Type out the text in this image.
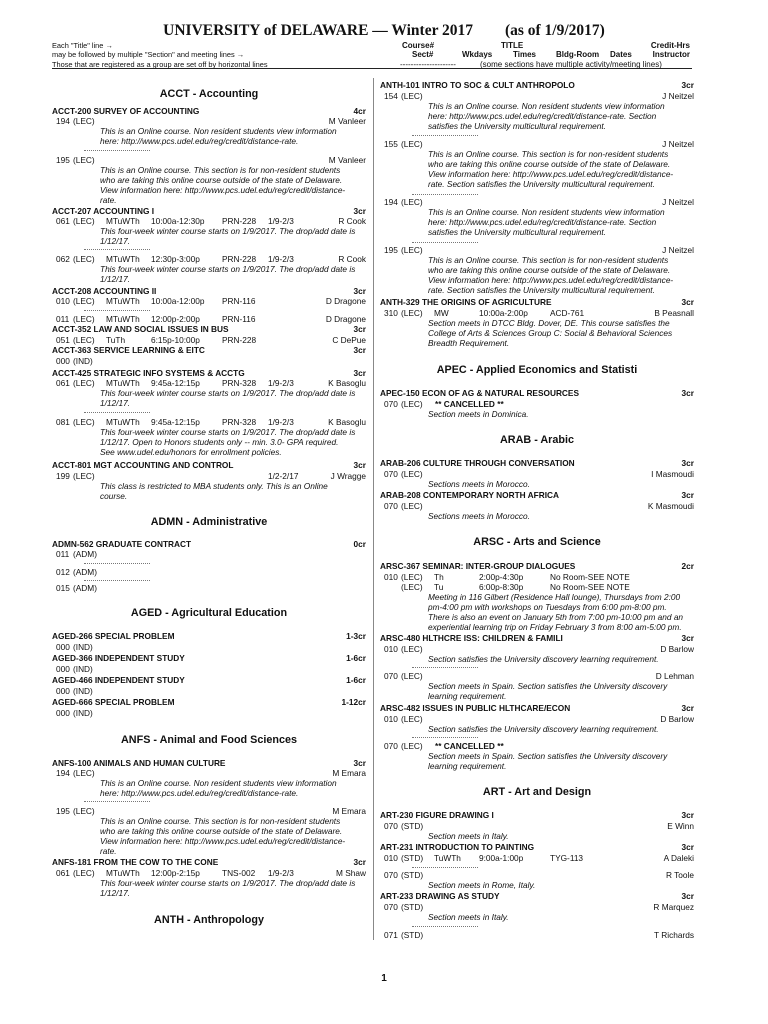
UNIVERSITY of DELAWARE — Winter 2017 (as of 1/9/2017)
Each "Title" line →
may be followed by multiple "Section" and meeting lines →
Those that are registered as a group are set off by horizontal lines
Course#	TITLE	Credit-Hrs
Sect#	Wkdays	Times	Bldg-Room Dates	Instructor
---------------------	(some sections have multiple activity/meeting lines)
ACCT - Accounting
ACCT-200 SURVEY OF ACCOUNTING	4cr
194 (LEC)	M Vanleer
This is an Online course. Non resident students view information
here: http://www.pcs.udel.edu/reg/credit/distance-rate.
195 (LEC)	M Vanleer
This is an Online course. This section is for non-resident students
who are taking this online course outside of the state of Delaware.
View information here: http://www.pcs.udel.edu/reg/credit/distance-
rate.
ACCT-207 ACCOUNTING I	3cr
061 (LEC) MTuWTh 10:00a-12:30p PRN-228 1/9-2/3	R Cook
This four-week winter course starts on 1/9/2017. The drop/add date is
1/12/17.
062 (LEC) MTuWTh 12:30p-3:00p	PRN-228 1/9-2/3	R Cook
This four-week winter course starts on 1/9/2017. The drop/add date is
1/12/17.
ACCT-208 ACCOUNTING II	3cr
010 (LEC) MTuWTh 10:00a-12:00p PRN-116	D Dragone
011 (LEC) MTuWTh 12:00p-2:00p	PRN-116	D Dragone
ACCT-352 LAW AND SOCIAL ISSUES IN BUS	3cr
051 (LEC) TuTh	6:15p-10:00p	PRN-228	C DePue
ACCT-363 SERVICE LEARNING & EITC	3cr
000 (IND)
ACCT-425 STRATEGIC INFO SYSTEMS & ACCTG	3cr
061 (LEC) MTuWTh 9:45a-12:15p	PRN-328 1/9-2/3	K Basoglu
This four-week winter course starts on 1/9/2017. The drop/add date is
1/12/17.
081 (LEC) MTuWTh 9:45a-12:15p	PRN-328 1/9-2/3	K Basoglu
This four-week winter course starts on 1/9/2017. The drop/add date is
1/12/17. Open to Honors students only -- min. 3.0- GPA required.
See www.udel.edu/honors for enrollment policies.
ACCT-801 MGT ACCOUNTING AND CONTROL	3cr
199 (LEC)	1/2-2/17	J Wragge
This class is restricted to MBA students only. This is an Online
course.
ADMN - Administrative
ADMN-562 GRADUATE CONTRACT	0cr
011 (ADM)
012 (ADM)
015 (ADM)
AGED - Agricultural Education
AGED-266 SPECIAL PROBLEM	1-3cr
000 (IND)
AGED-366 INDEPENDENT STUDY	1-6cr
000 (IND)
AGED-466 INDEPENDENT STUDY	1-6cr
000 (IND)
AGED-666 SPECIAL PROBLEM	1-12cr
000 (IND)
ANFS - Animal and Food Sciences
ANFS-100 ANIMALS AND HUMAN CULTURE	3cr
194 (LEC)	M Emara
This is an Online course. Non resident students view information
here: http://www.pcs.udel.edu/reg/credit/distance-rate.
195 (LEC)	M Emara
This is an Online course. This section is for non-resident students
who are taking this online course outside of the state of Delaware.
View information here: http://www.pcs.udel.edu/reg/credit/distance-
rate.
ANFS-181 FROM THE COW TO THE CONE	3cr
061 (LEC) MTuWTh 12:00p-2:15p	TNS-002 1/9-2/3	M Shaw
This four-week winter course starts on 1/9/2017. The drop/add date is
1/12/17.
ANTH - Anthropology
ANTH-101 INTRO TO SOC & CULT ANTHROPOLO	3cr
154 (LEC)	J Neitzel
This is an Online course. Non resident students view information
here: http://www.pcs.udel.edu/reg/credit/distance-rate. Section
satisfies the University multicultural requirement.
155 (LEC)	J Neitzel
This is an Online course. This section is for non-resident students
who are taking this online course outside of the state of Delaware.
View information here: http://www.pcs.udel.edu/reg/credit/distance-
rate. Section satisfies the University multicultural requirement.
194 (LEC)	J Neitzel
This is an Online course. Non resident students view information
here: http://www.pcs.udel.edu/reg/credit/distance-rate. Section
satisfies the University multicultural requirement.
195 (LEC)	J Neitzel
This is an Online course. This section is for non-resident students
who are taking this online course outside of the state of Delaware.
View information here: http://www.pcs.udel.edu/reg/credit/distance-
rate. Section satisfies the University multicultural requirement.
ANTH-329 THE ORIGINS OF AGRICULTURE	3cr
310 (LEC) MW	10:00a-2:00p	ACD-761	B Peasnall
Section meets in DTCC Bldg. Dover, DE. This course satisfies the
College of Arts & Sciences Group C: Social & Behavioral Sciences
Breadth Requirement.
APEC - Applied Economics and Statisti
APEC-150 ECON OF AG & NATURAL RESOURCES	3cr
070 (LEC) ** CANCELLED **
Section meets in Dominica.
ARAB - Arabic
ARAB-206 CULTURE THROUGH CONVERSATION	3cr
070 (LEC)	I Masmoudi
Sections meets in Morocco.
ARAB-208 CONTEMPORARY NORTH AFRICA	3cr
070 (LEC)	K Masmoudi
Sections meets in Morocco.
ARSC - Arts and Science
ARSC-367 SEMINAR: INTER-GROUP DIALOGUES	2cr
010 (LEC) Th	2:00p-4:30p	No Room-SEE NOTE
(LEC) Tu	6:00p-8:30p	No Room-SEE NOTE
Meeting in 116 Gilbert (Residence Hall lounge), Thursdays from 2:00
pm-4:00 pm with workshops on Tuesdays from 6:00 pm-8:00 pm.
There is also an event on January 5th from 7:00 pm-10:00 pm and an
experiential learning trip on Friday February 3 from 8:00 am-5:00 pm.
ARSC-480 HLTHCRE ISS: CHILDREN & FAMILI	3cr
010 (LEC)	D Barlow
Section satisfies the University discovery learning requirement.
070 (LEC)	D Lehman
Section meets in Spain. Section satisfies the University discovery
learning requirement.
ARSC-482 ISSUES IN PUBLIC HLTHCARE/ECON	3cr
010 (LEC)	D Barlow
Section satisfies the University discovery learning requirement.
070 (LEC) ** CANCELLED **
Section meets in Spain. Section satisfies the University discovery
learning requirement.
ART - Art and Design
ART-230 FIGURE DRAWING I	3cr
070 (STD)	E Winn
Section meets in Italy.
ART-231 INTRODUCTION TO PAINTING	3cr
010 (STD) TuWTh 9:00a-1:00p	TYG-113	A Daleki
070 (STD)	R Toole
Section meets in Rome, Italy.
ART-233 DRAWING AS STUDY	3cr
070 (STD)	R Marquez
Section meets in Italy.
071 (STD)	T Richards
1
